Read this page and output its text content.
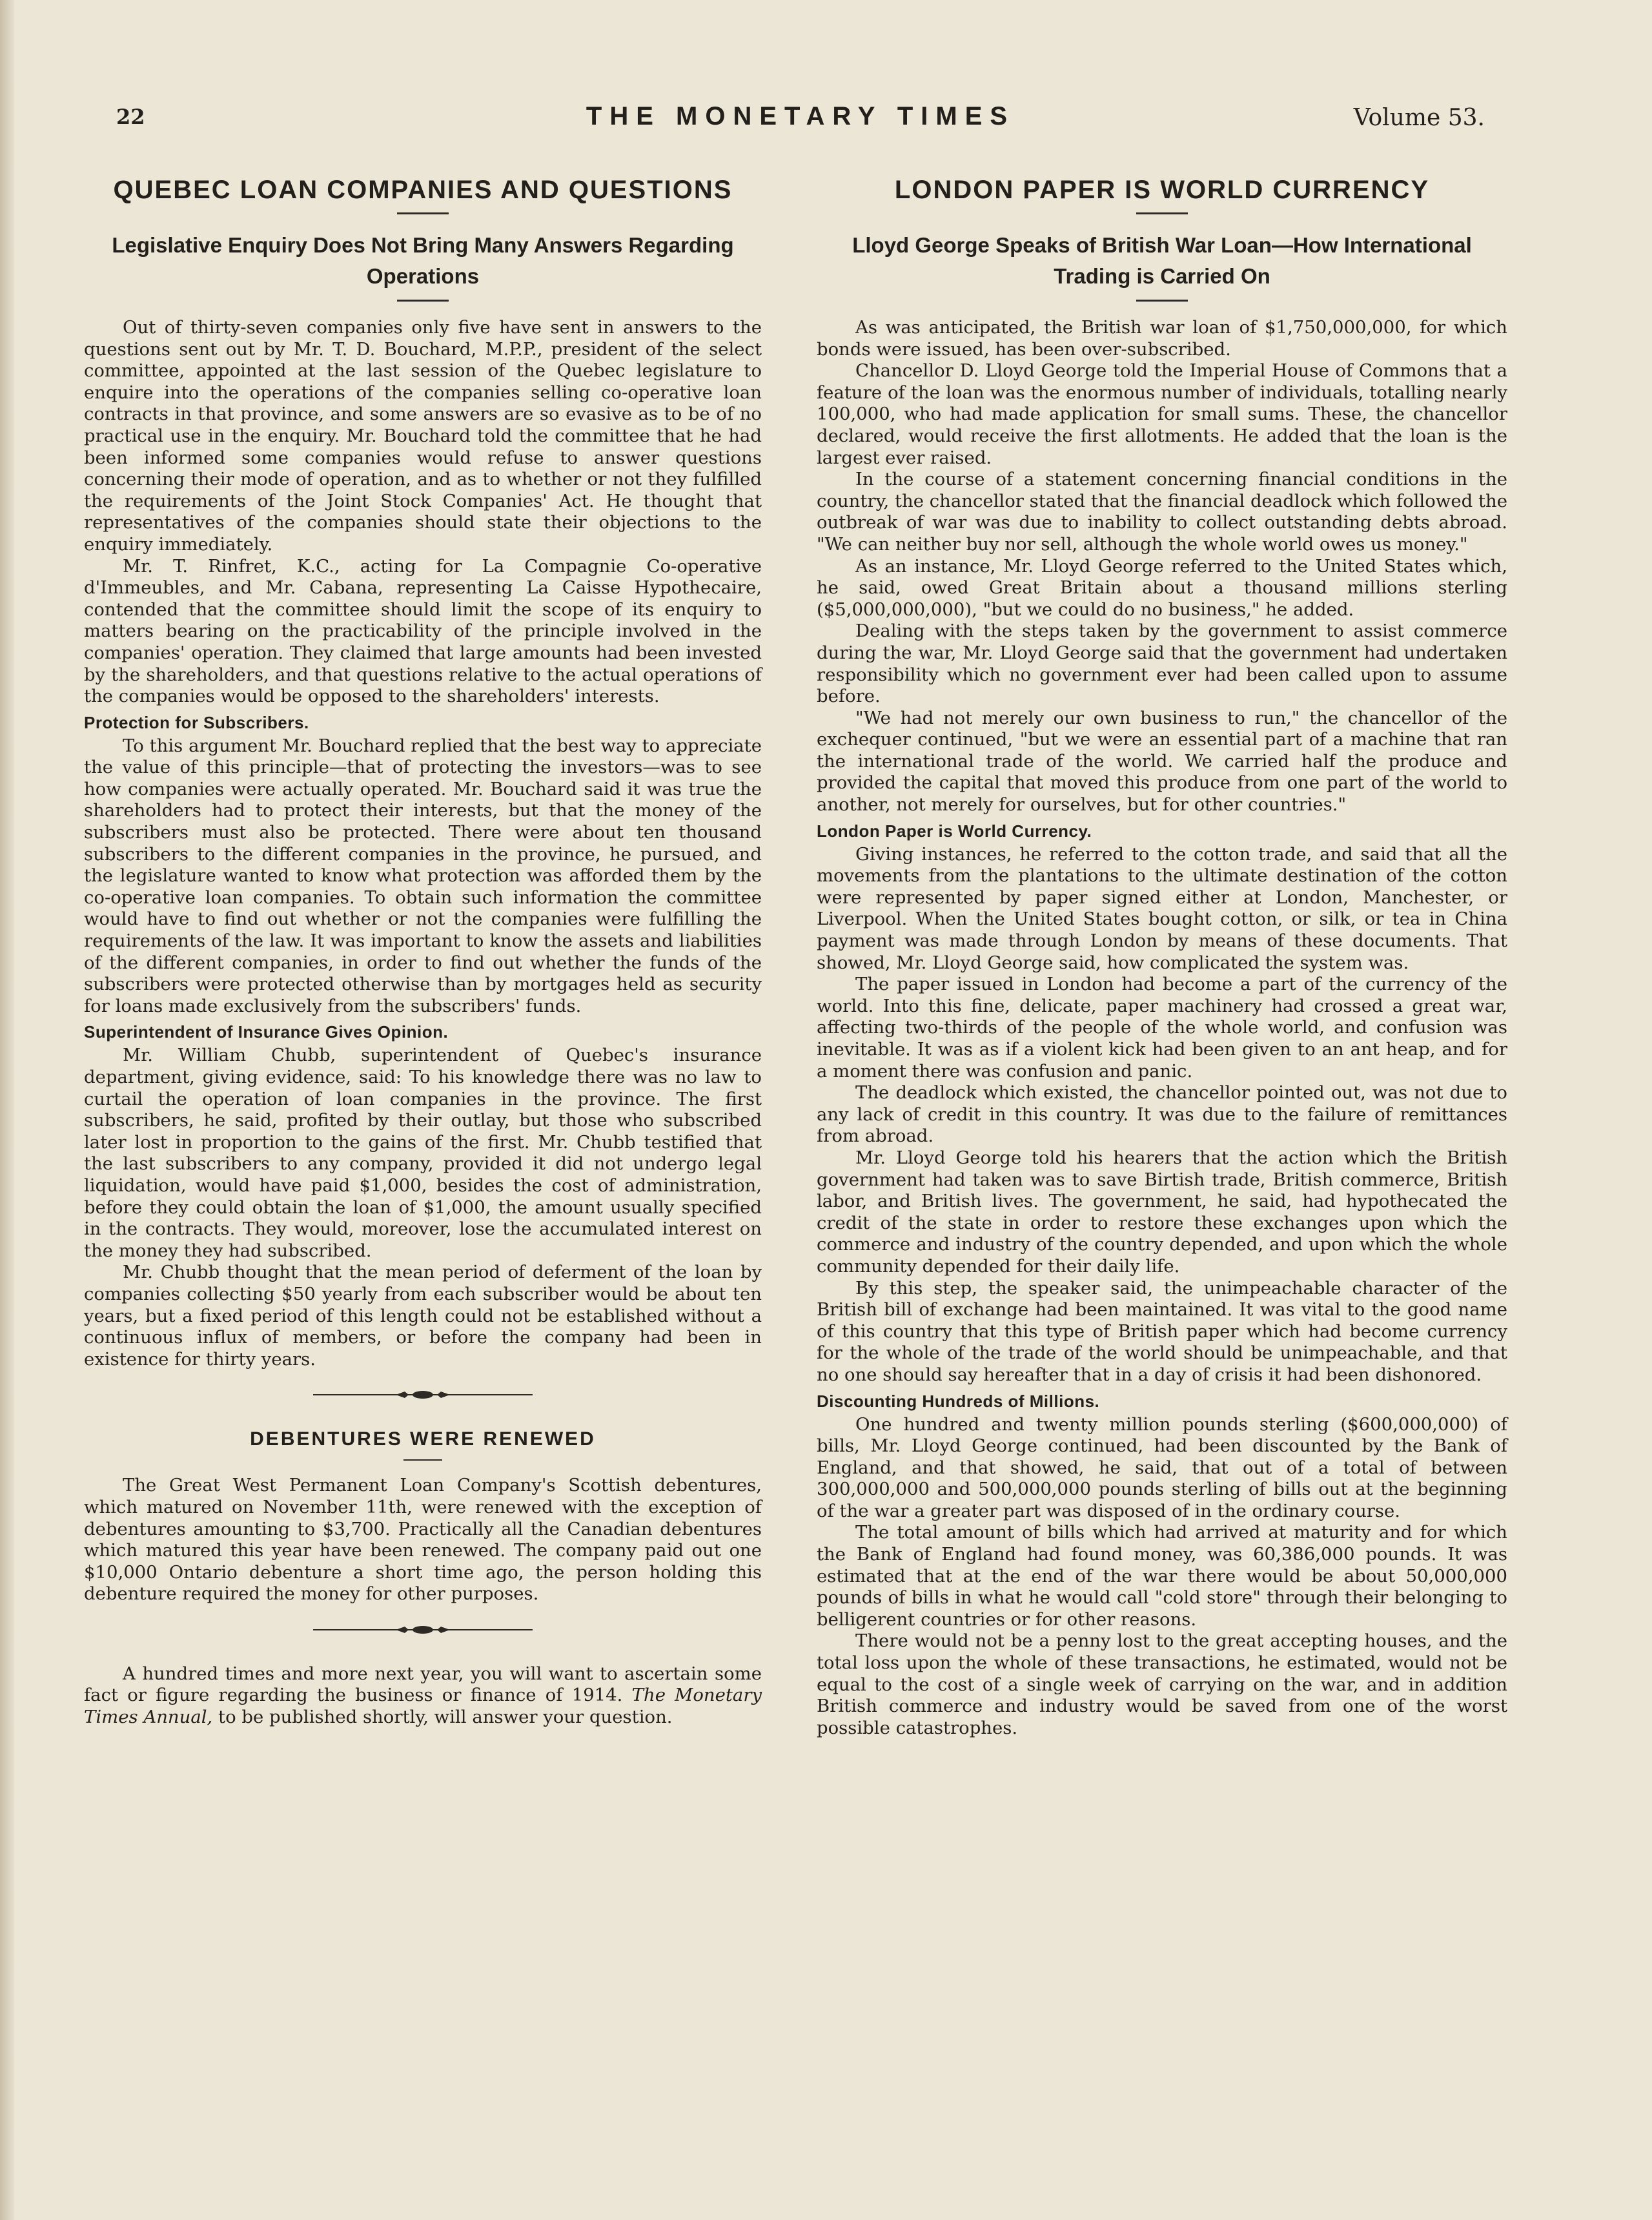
22	THE MONETARY TIMES	Volume 53.
QUEBEC LOAN COMPANIES AND QUESTIONS
Legislative Enquiry Does Not Bring Many Answers Regarding Operations

Out of thirty-seven companies only five have sent in answers to the questions sent out by Mr. T. D. Bouchard, M.P.P., president of the select committee, appointed at the last session of the Quebec legislature to enquire into the operations of the companies selling co-operative loan contracts in that province, and some answers are so evasive as to be of no practical use in the enquiry. Mr. Bouchard told the committee that he had been informed some companies would refuse to answer questions concerning their mode of operation, and as to whether or not they fulfilled the requirements of the Joint Stock Companies' Act. He thought that representatives of the companies should state their objections to the enquiry immediately.

Mr. T. Rinfret, K.C., acting for La Compagnie Co-operative d'Immeubles, and Mr. Cabana, representing La Caisse Hypothecaire, contended that the committee should limit the scope of its enquiry to matters bearing on the practicability of the principle involved in the companies' operation. They claimed that large amounts had been invested by the shareholders, and that questions relative to the actual operations of the companies would be opposed to the shareholders' interests.

Protection for Subscribers.

To this argument Mr. Bouchard replied that the best way to appreciate the value of this principle—that of protecting the investors—was to see how companies were actually operated. Mr. Bouchard said it was true the shareholders had to protect their interests, but that the money of the subscribers must also be protected. There were about ten thousand subscribers to the different companies in the province, he pursued, and the legislature wanted to know what protection was afforded them by the co-operative loan companies. To obtain such information the committee would have to find out whether or not the companies were fulfilling the requirements of the law. It was important to know the assets and liabilities of the different companies, in order to find out whether the funds of the subscribers were protected otherwise than by mortgages held as security for loans made exclusively from the subscribers' funds.

Superintendent of Insurance Gives Opinion.

Mr. William Chubb, superintendent of Quebec's insurance department, giving evidence, said: To his knowledge there was no law to curtail the operation of loan companies in the province. The first subscribers, he said, profited by their outlay, but those who subscribed later lost in proportion to the gains of the first. Mr. Chubb testified that the last subscribers to any company, provided it did not undergo legal liquidation, would have paid $1,000, besides the cost of administration, before they could obtain the loan of $1,000, the amount usually specified in the contracts. They would, moreover, lose the accumulated interest on the money they had subscribed.

Mr. Chubb thought that the mean period of deferment of the loan by companies collecting $50 yearly from each subscriber would be about ten years, but a fixed period of this length could not be established without a continuous influx of members, or before the company had been in existence for thirty years.

DEBENTURES WERE RENEWED

The Great West Permanent Loan Company's Scottish debentures, which matured on November 11th, were renewed with the exception of debentures amounting to $3,700. Practically all the Canadian debentures which matured this year have been renewed. The company paid out one $10,000 Ontario debenture a short time ago, the person holding this debenture required the money for other purposes.

A hundred times and more next year, you will want to ascertain some fact or figure regarding the business or finance of 1914. The Monetary Times Annual, to be published shortly, will answer your question.

LONDON PAPER IS WORLD CURRENCY
Lloyd George Speaks of British War Loan—How International Trading is Carried On

As was anticipated, the British war loan of $1,750,000,000, for which bonds were issued, has been over-subscribed.

Chancellor D. Lloyd George told the Imperial House of Commons that a feature of the loan was the enormous number of individuals, totalling nearly 100,000, who had made application for small sums. These, the chancellor declared, would receive the first allotments. He added that the loan is the largest ever raised.

In the course of a statement concerning financial conditions in the country, the chancellor stated that the financial deadlock which followed the outbreak of war was due to inability to collect outstanding debts abroad. "We can neither buy nor sell, although the whole world owes us money."

As an instance, Mr. Lloyd George referred to the United States which, he said, owed Great Britain about a thousand millions sterling ($5,000,000,000), "but we could do no business," he added.

Dealing with the steps taken by the government to assist commerce during the war, Mr. Lloyd George said that the government had undertaken responsibility which no government ever had been called upon to assume before.

"We had not merely our own business to run," the chancellor of the exchequer continued, "but we were an essential part of a machine that ran the international trade of the world. We carried half the produce and provided the capital that moved this produce from one part of the world to another, not merely for ourselves, but for other countries."

London Paper is World Currency.

Giving instances, he referred to the cotton trade, and said that all the movements from the plantations to the ultimate destination of the cotton were represented by paper signed either at London, Manchester, or Liverpool. When the United States bought cotton, or silk, or tea in China payment was made through London by means of these documents. That showed, Mr. Lloyd George said, how complicated the system was.

The paper issued in London had become a part of the currency of the world. Into this fine, delicate, paper machinery had crossed a great war, affecting two-thirds of the people of the whole world, and confusion was inevitable. It was as if a violent kick had been given to an ant heap, and for a moment there was confusion and panic.

The deadlock which existed, the chancellor pointed out, was not due to any lack of credit in this country. It was due to the failure of remittances from abroad.

Mr. Lloyd George told his hearers that the action which the British government had taken was to save Birtish trade, British commerce, British labor, and British lives. The government, he said, had hypothecated the credit of the state in order to restore these exchanges upon which the commerce and industry of the country depended, and upon which the whole community depended for their daily life.

By this step, the speaker said, the unimpeachable character of the British bill of exchange had been maintained. It was vital to the good name of this country that this type of British paper which had become currency for the whole of the trade of the world should be unimpeachable, and that no one should say hereafter that in a day of crisis it had been dishonored.

Discounting Hundreds of Millions.

One hundred and twenty million pounds sterling ($600,000,000) of bills, Mr. Lloyd George continued, had been discounted by the Bank of England, and that showed, he said, that out of a total of between 300,000,000 and 500,000,000 pounds sterling of bills out at the beginning of the war a greater part was disposed of in the ordinary course.

The total amount of bills which had arrived at maturity and for which the Bank of England had found money, was 60,386,000 pounds. It was estimated that at the end of the war there would be about 50,000,000 pounds of bills in what he would call "cold store" through their belonging to belligerent countries or for other reasons.

There would not be a penny lost to the great accepting houses, and the total loss upon the whole of these transactions, he estimated, would not be equal to the cost of a single week of carrying on the war, and in addition British commerce and industry would be saved from one of the worst possible catastrophes.
